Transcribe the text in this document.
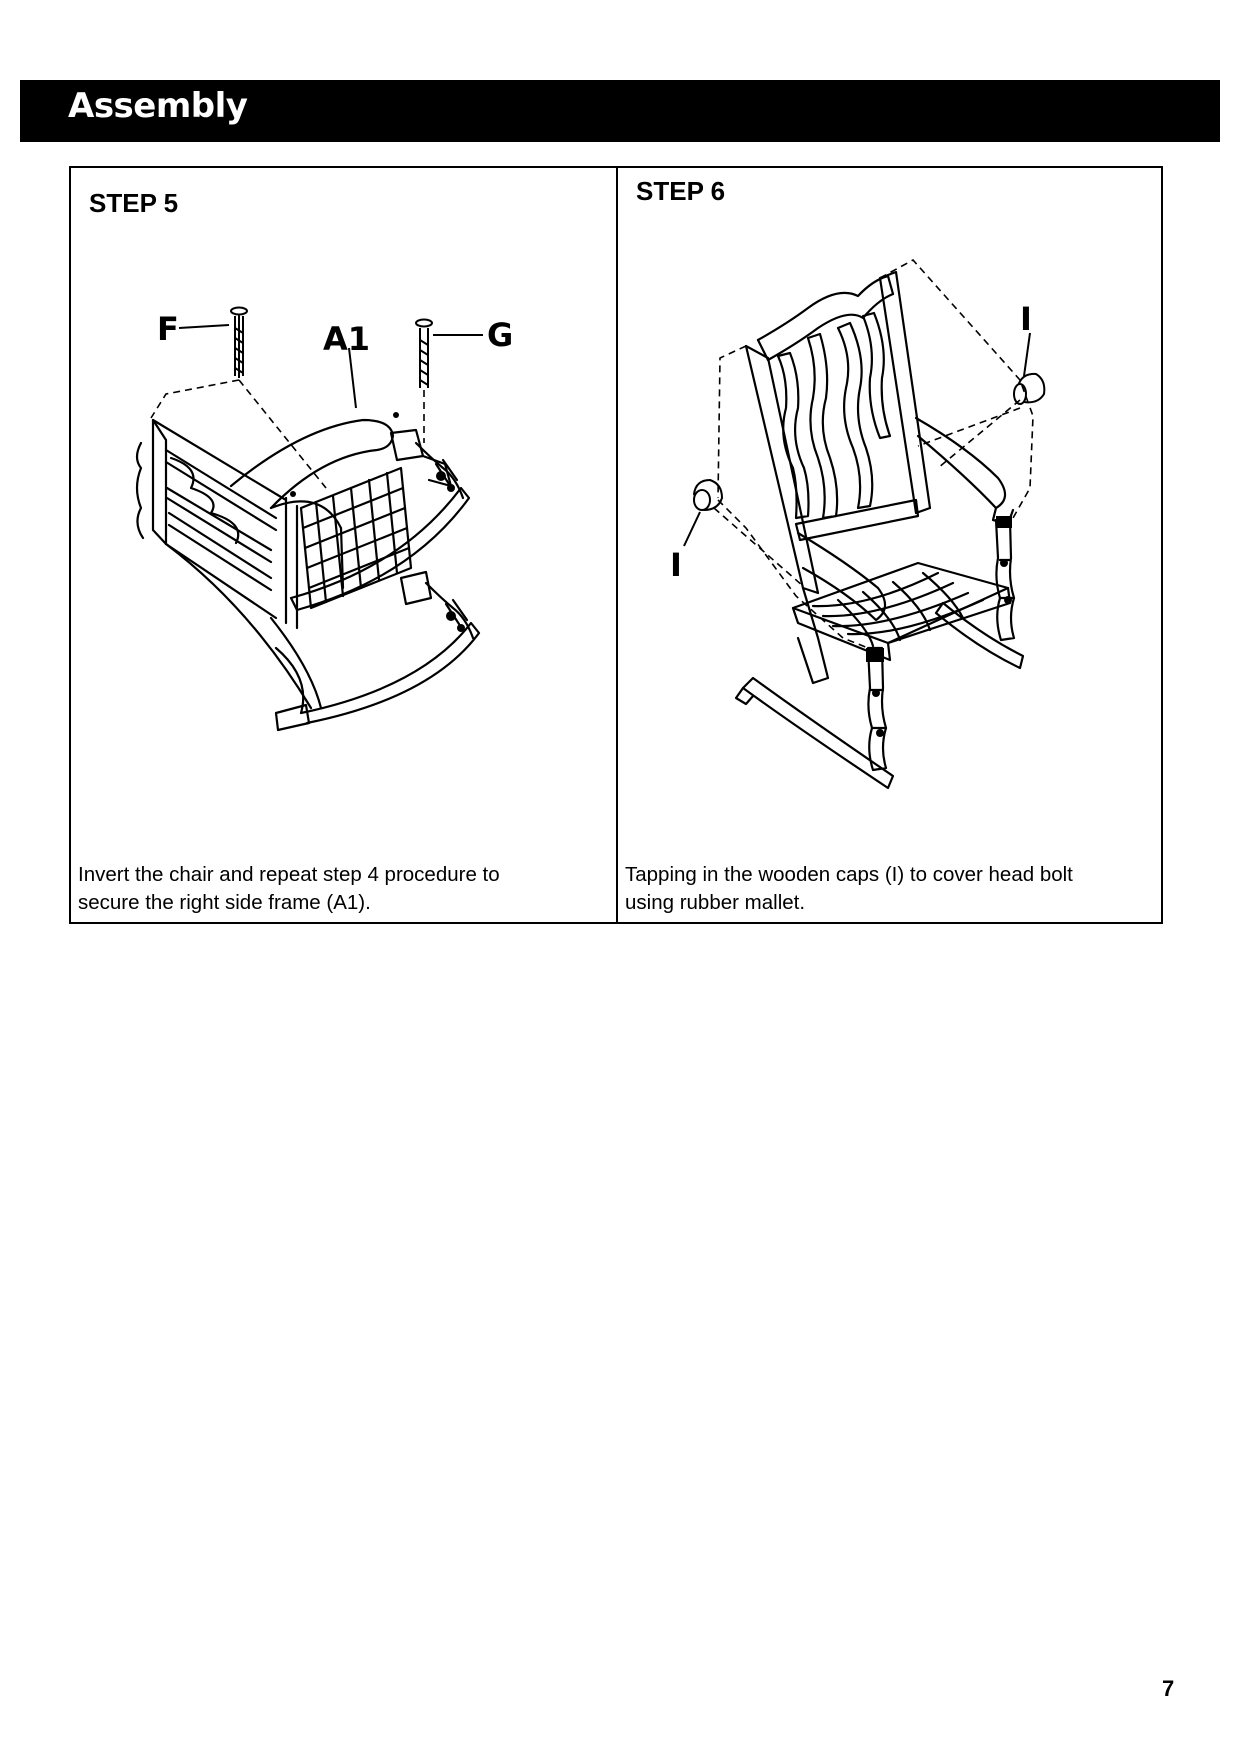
Assembly
STEP 5
F	A1	G
Invert the chair and repeat step 4 procedure to
secure the right side frame (A1).
STEP 6
I
I
Tapping in the wooden caps (I) to cover head bolt
using rubber mallet.
7
